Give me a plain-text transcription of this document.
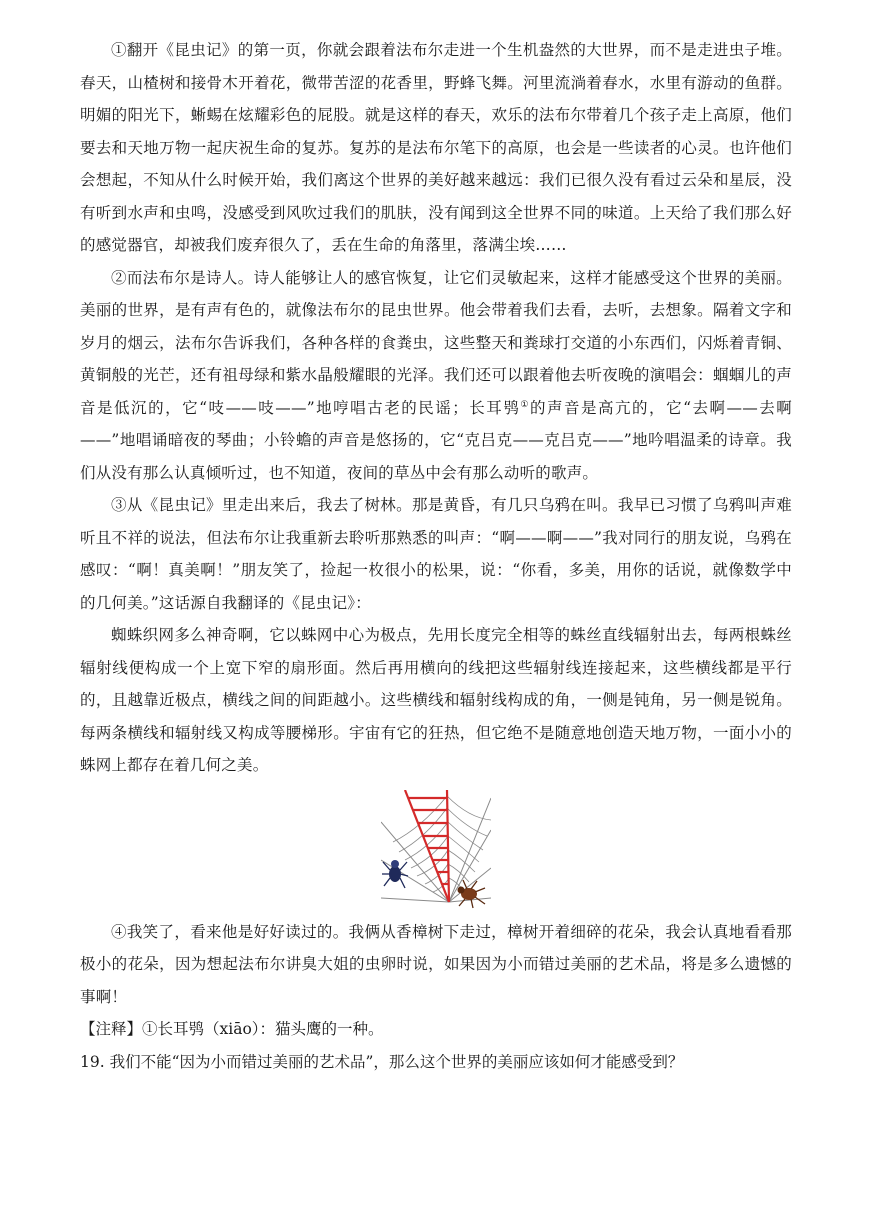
①翻开《昆虫记》的第一页，你就会跟着法布尔走进一个生机盎然的大世界，而不是走进虫子堆。春天，山楂树和接骨木开着花，微带苦涩的花香里，野蜂飞舞。河里流淌着春水，水里有游动的鱼群。明媚的阳光下，蜥蜴在炫耀彩色的屁股。就是这样的春天，欢乐的法布尔带着几个孩子走上高原，他们要去和天地万物一起庆祝生命的复苏。复苏的是法布尔笔下的高原，也会是一些读者的心灵。也许他们会想起，不知从什么时候开始，我们离这个世界的美好越来越远：我们已很久没有看过云朵和星辰，没有听到水声和虫鸣，没感受到风吹过我们的肌肤，没有闻到这全世界不同的味道。上天给了我们那么好的感觉器官，却被我们废弃很久了，丢在生命的角落里，落满尘埃……

②而法布尔是诗人。诗人能够让人的感官恢复，让它们灵敏起来，这样才能感受这个世界的美丽。美丽的世界，是有声有色的，就像法布尔的昆虫世界。他会带着我们去看，去听，去想象。隔着文字和岁月的烟云，法布尔告诉我们，各种各样的食粪虫，这些整天和粪球打交道的小东西们，闪烁着青铜、黄铜般的光芒，还有祖母绿和紫水晶般耀眼的光泽。我们还可以跟着他去听夜晚的演唱会：蝈蝈儿的声音是低沉的，它“吱——吱——”地哼唱古老的民谣；长耳鸮①的声音是高亢的，它“去啊——去啊——”地唱诵暗夜的琴曲；小铃蟾的声音是悠扬的，它“克吕克——克吕克——”地吟唱温柔的诗章。我们从没有那么认真倾听过，也不知道，夜间的草丛中会有那么动听的歌声。

③从《昆虫记》里走出来后，我去了树林。那是黄昏，有几只乌鸦在叫。我早已习惯了乌鸦叫声难听且不祥的说法，但法布尔让我重新去聆听那熟悉的叫声：“啊——啊——”我对同行的朋友说，乌鸦在感叹：“啊！真美啊！”朋友笑了，捡起一枚很小的松果，说：“你看，多美，用你的话说，就像数学中的几何美。”这话源自我翻译的《昆虫记》：

蜘蛛织网多么神奇啊，它以蛛网中心为极点，先用长度完全相等的蛛丝直线辐射出去，每两根蛛丝辐射线便构成一个上宽下窄的扇形面。然后再用横向的线把这些辐射线连接起来，这些横线都是平行的，且越靠近极点，横线之间的间距越小。这些横线和辐射线构成的角，一侧是钝角，另一侧是锐角。每两条横线和辐射线又构成等腰梯形。宇宙有它的狂热，但它绝不是随意地创造天地万物，一面小小的蛛网上都存在着几何之美。

④我笑了，看来他是好好读过的。我俩从香樟树下走过，樟树开着细碎的花朵，我会认真地看看那极小的花朵，因为想起法布尔讲臭大姐的虫卵时说，如果因为小而错过美丽的艺术品，将是多么遗憾的事啊！

【注释】①长耳鸮（xiāo）：猫头鹰的一种。

19. 我们不能“因为小而错过美丽的艺术品”，那么这个世界的美丽应该如何才能感受到？
